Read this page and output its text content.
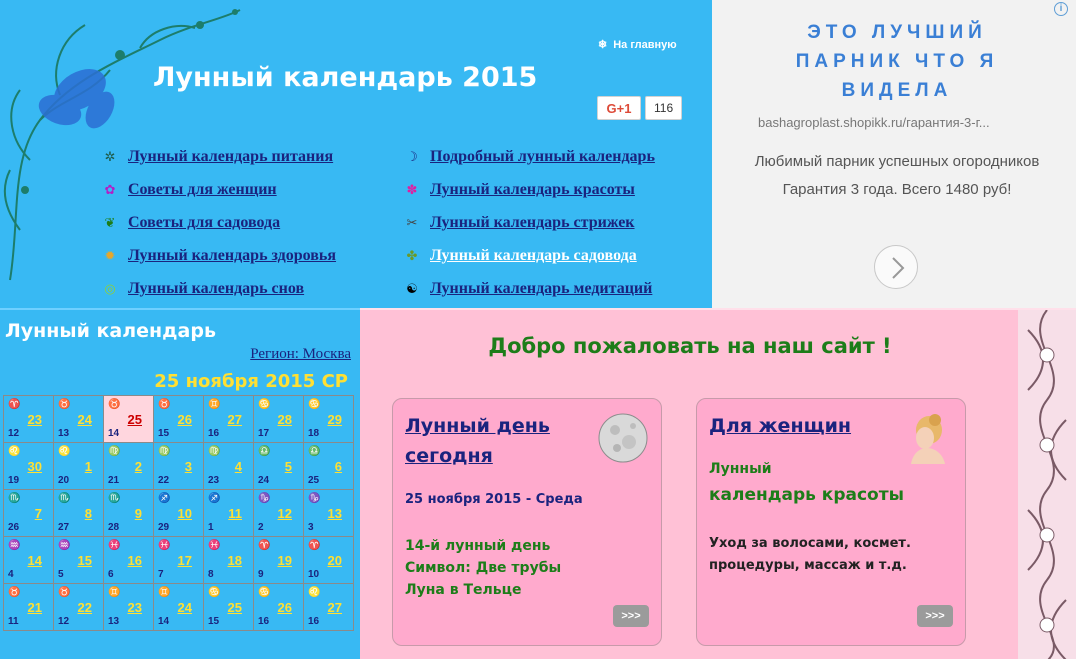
Лунный календарь 2015
❄ На главную
G+1	116
✲ Лунный календарь питания
✿ Советы для женщин
❦ Советы для садовода
✹ Лунный календарь здоровья
◎ Лунный календарь снов
☽ Подробный лунный календарь
✽ Лунный календарь красоты
✂ Лунный календарь стрижек
✤ Лунный календарь садовода
☯ Лунный календарь медитаций
i
ЭТО ЛУЧШИЙ ПАРНИК ЧТО Я ВИДЕЛА
bashagroplast.shopikk.ru/гарантия-3-г...
Любимый парник успешных огородников Гарантия 3 года. Всего 1480 руб!
Лунный календарь
Регион: Москва
25 ноября 2015 СР
♈
23
12
♉
24
13
♉
25
14
♉
26
15
♊
27
16
♋
28
17
♋
29
18
♌
30
19
♌
1
20
♍
2
21
♍
3
22
♍
4
23
♎
5
24
♎
6
25
♏
7
26
♏
8
27
♏
9
28
♐
10
29
♐
11
1
♑
12
2
♑
13
3
♒
14
4
♒
15
5
♓
16
6
♓
17
7
♓
18
8
♈
19
9
♈
20
10
♉
21
11
♉
22
12
♊
23
13
♊
24
14
♋
25
15
♋
26
16
♌
27
16
Добро пожаловать на наш сайт !
Лунный день
сегодня
25 ноября 2015 - Среда
14-й лунный день
Символ: Две трубы
Луна в Тельце
>>>
Для женщин
Лунный
календарь красоты
Уход за волосами, космет.
процедуры, массаж и т.д.
>>>
